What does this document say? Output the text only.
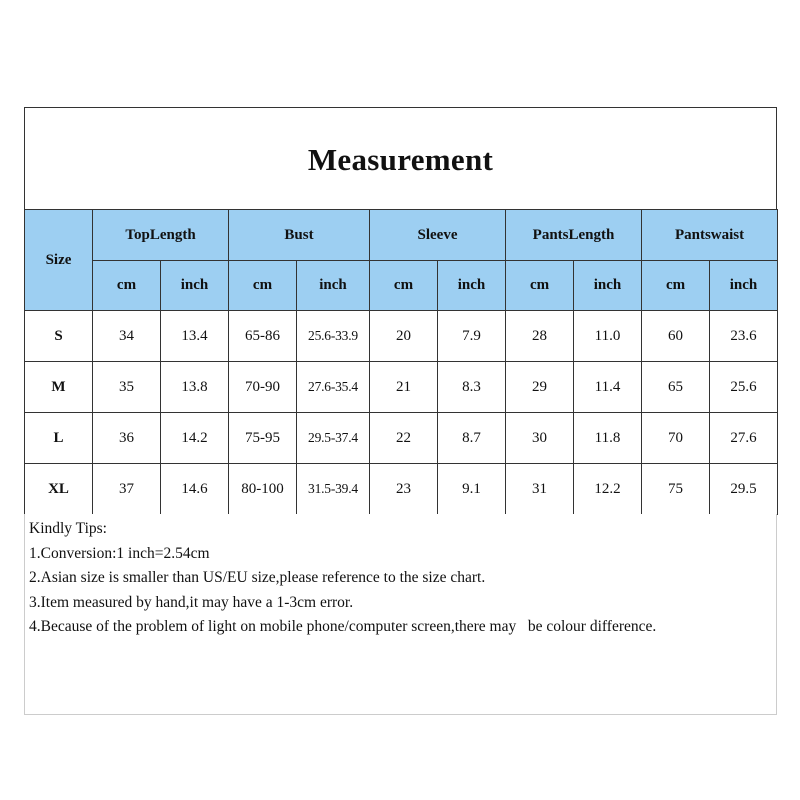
Measurement
Size	TopLength		Bust		Sleeve		PantsLength		Pantswaist	
	cm	inch	cm	inch	cm	inch	cm	inch	cm	inch
S	34	13.4	65-86	25.6-33.9	20	7.9	28	11.0	60	23.6
M	35	13.8	70-90	27.6-35.4	21	8.3	29	11.4	65	25.6
L	36	14.2	75-95	29.5-37.4	22	8.7	30	11.8	70	27.6
XL	37	14.6	80-100	31.5-39.4	23	9.1	31	12.2	75	29.5
Kindly Tips:
1.Conversion:1 inch=2.54cm
2.Asian size is smaller than US/EU size,please reference to the size chart.
3.Item measured by hand,it may have a 1-3cm error.
4.Because of the problem of light on mobile phone/computer screen,there may   be colour difference.
